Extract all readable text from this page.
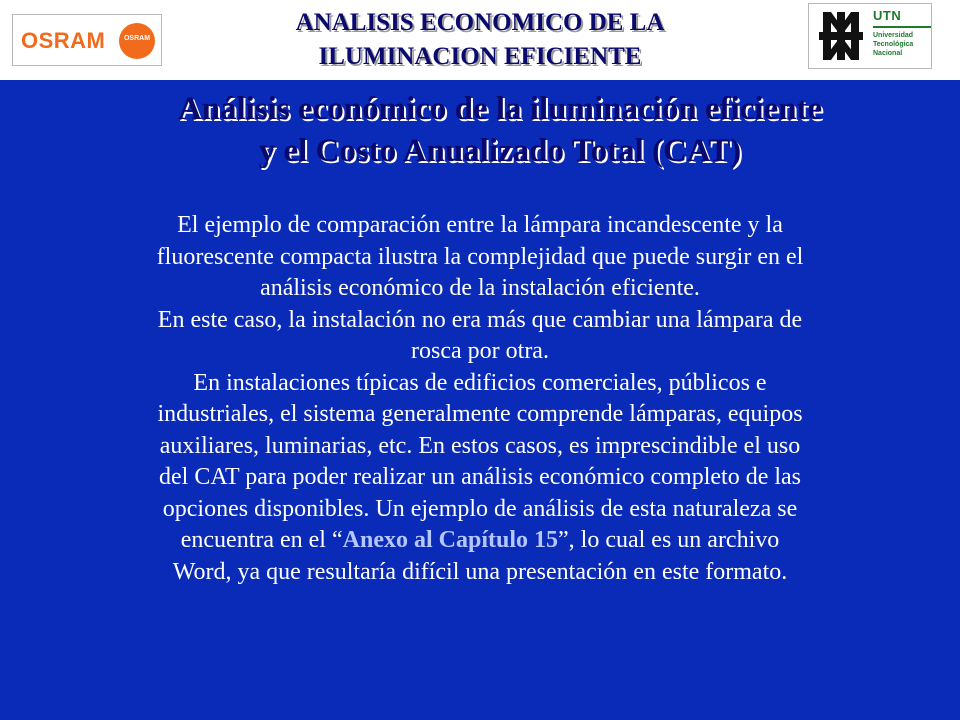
OSRAM	OSRAM
ANALISIS ECONOMICO DE LA
ILUMINACION EFICIENTE
UTN
Universidad
Tecnológica
Nacional
Análisis económico de la iluminación eficiente
y el Costo Anualizado Total (CAT)
El ejemplo de comparación entre la lámpara incandescente y la
fluorescente compacta ilustra la complejidad que puede surgir en el
análisis económico de la instalación eficiente.
En este caso, la instalación no era más que cambiar una lámpara de
rosca por otra.
En instalaciones típicas de edificios comerciales, públicos e
industriales, el sistema generalmente comprende lámparas, equipos
auxiliares, luminarias, etc. En estos casos, es imprescindible el uso
del CAT para poder realizar un análisis económico completo de las
opciones disponibles. Un ejemplo de análisis de esta naturaleza se
encuentra en el “Anexo al Capítulo 15”, lo cual es un archivo
Word, ya que resultaría difícil una presentación en este formato.
